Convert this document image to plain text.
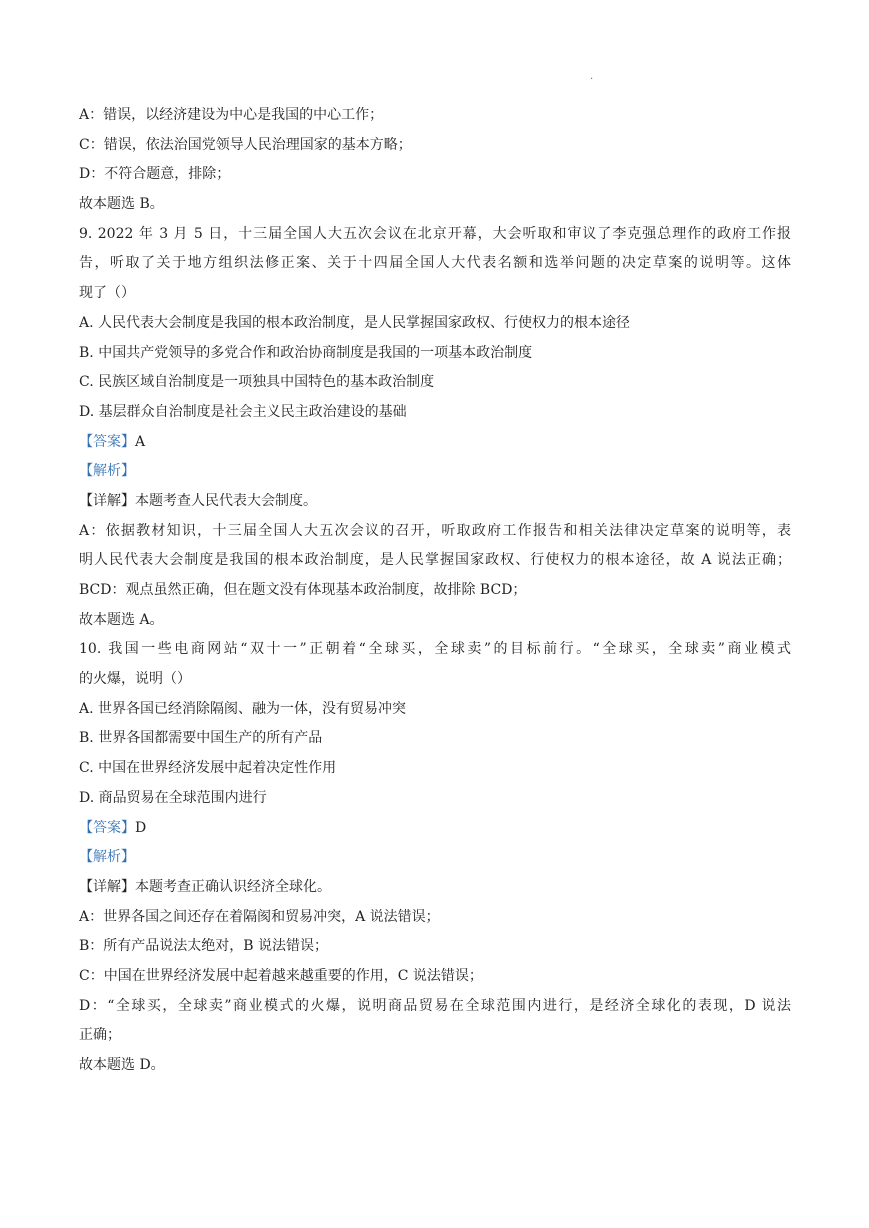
.
A：错误，以经济建设为中心是我国的中心工作；
C：错误，依法治国党领导人民治理国家的基本方略；
D：不符合题意，排除；
故本题选 B。
9. 2022 年 3 月 5 日，十三届全国人大五次会议在北京开幕，大会听取和审议了李克强总理作的政府工作报
告，听取了关于地方组织法修正案、关于十四届全国人大代表名额和选举问题的决定草案的说明等。这体
现了（）
A. 人民代表大会制度是我国的根本政治制度，是人民掌握国家政权、行使权力的根本途径
B. 中国共产党领导的多党合作和政治协商制度是我国的一项基本政治制度
C. 民族区域自治制度是一项独具中国特色的基本政治制度
D. 基层群众自治制度是社会主义民主政治建设的基础
【答案】A
【解析】
【详解】本题考查人民代表大会制度。
A：依据教材知识，十三届全国人大五次会议的召开，听取政府工作报告和相关法律决定草案的说明等，表
明人民代表大会制度是我国的根本政治制度，是人民掌握国家政权、行使权力的根本途径，故 A 说法正确；
BCD：观点虽然正确，但在题文没有体现基本政治制度，故排除 BCD；
故本题选 A。
10. 我国一些电商网站“双十一”正朝着“全球买，全球卖”的目标前行。“全球买，全球卖”商业模式
的火爆，说明（）
A. 世界各国已经消除隔阂、融为一体，没有贸易冲突
B. 世界各国都需要中国生产的所有产品
C. 中国在世界经济发展中起着决定性作用
D. 商品贸易在全球范围内进行
【答案】D
【解析】
【详解】本题考查正确认识经济全球化。
A：世界各国之间还存在着隔阂和贸易冲突，A 说法错误；
B：所有产品说法太绝对，B 说法错误；
C：中国在世界经济发展中起着越来越重要的作用，C 说法错误；
D：“全球买，全球卖”商业模式的火爆，说明商品贸易在全球范围内进行，是经济全球化的表现，D 说法
正确；
故本题选 D。
